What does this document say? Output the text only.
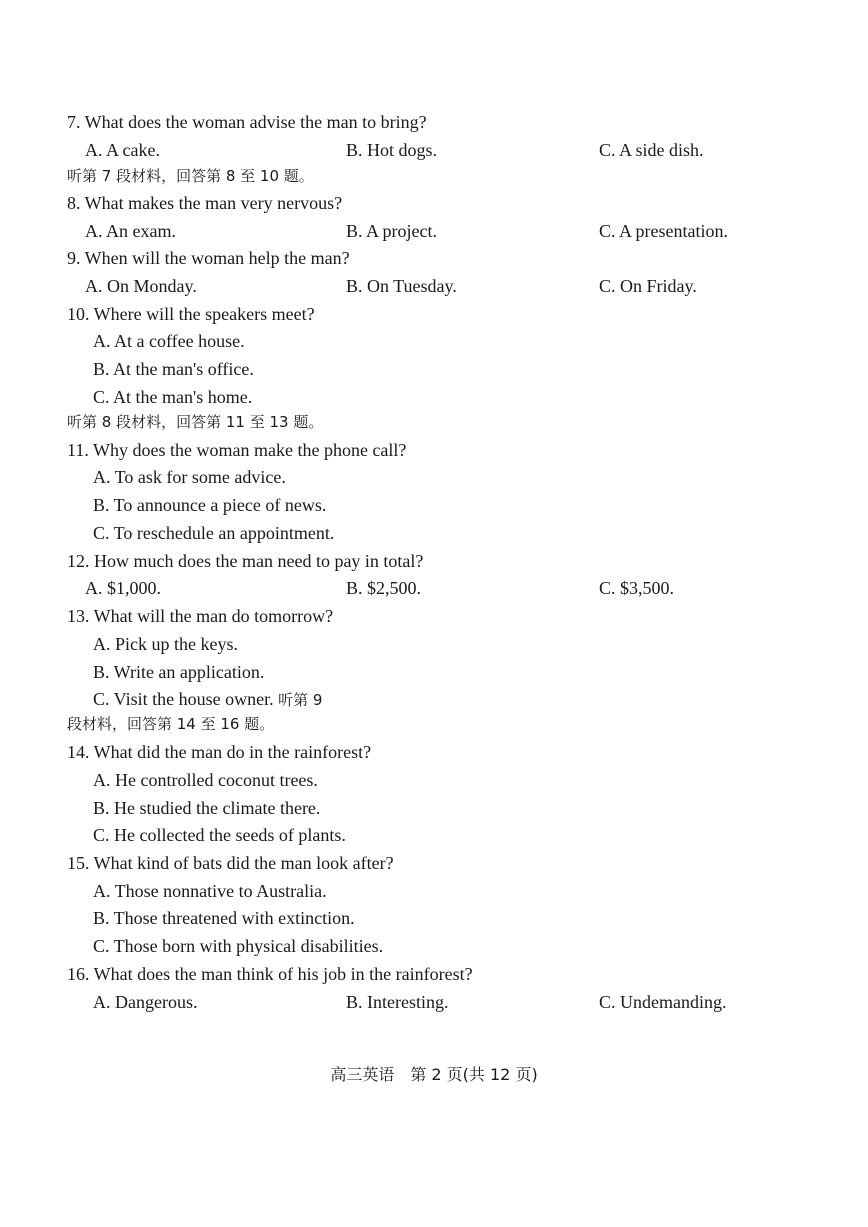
7. What does the woman advise the man to bring?
A. A cake.	B. Hot dogs.	C. A side dish.
听第 7 段材料，回答第 8 至 10 题。
8. What makes the man very nervous?
A. An exam.	B. A project.	C. A presentation.
9. When will the woman help the man?
A. On Monday.	B. On Tuesday.	C. On Friday.
10. Where will the speakers meet?
A. At a coffee house.
B. At the man's office.
C. At the man's home.
听第 8 段材料，回答第 11 至 13 题。
11. Why does the woman make the phone call?
A. To ask for some advice.
B. To announce a piece of news.
C. To reschedule an appointment.
12. How much does the man need to pay in total?
A. $1,000.	B. $2,500.	C. $3,500.
13. What will the man do tomorrow?
A. Pick up the keys.
B. Write an application.
C. Visit the house owner. 听第 9
段材料，回答第 14 至 16 题。
14. What did the man do in the rainforest?
A. He controlled coconut trees.
B. He studied the climate there.
C. He collected the seeds of plants.
15. What kind of bats did the man look after?
A. Those nonnative to Australia.
B. Those threatened with extinction.
C. Those born with physical disabilities.
16. What does the man think of his job in the rainforest?
A. Dangerous.	B. Interesting.	C. Undemanding.
高三英语　第 2 页(共 12 页)
